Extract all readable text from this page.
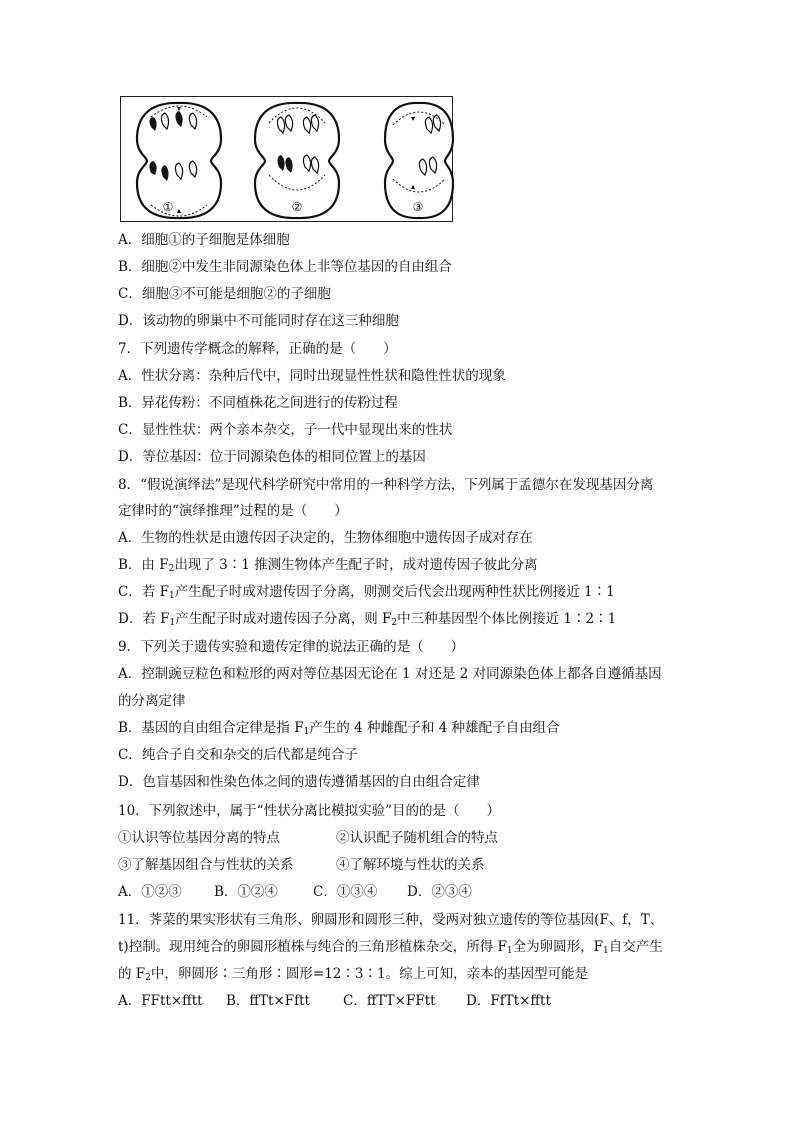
①	②	③
A．细胞①的子细胞是体细胞
B．细胞②中发生非同源染色体上非等位基因的自由组合
C．细胞③不可能是细胞②的子细胞
D．该动物的卵巢中不可能同时存在这三种细胞
7．下列遗传学概念的解释，正确的是（　　）
A．性状分离：杂种后代中，同时出现显性性状和隐性性状的现象
B．异花传粉：不同植株花之间进行的传粉过程
C．显性性状：两个亲本杂交，子一代中显现出来的性状
D．等位基因：位于同源染色体的相同位置上的基因
8．“假说演绎法”是现代科学研究中常用的一种科学方法，下列属于孟德尔在发现基因分离
定律时的“演绎推理”过程的是（　　）
A．生物的性状是由遗传因子决定的，生物体细胞中遗传因子成对存在
B．由 $F_2$出现了 3∶1 推测生物体产生配子时，成对遗传因子彼此分离
C．若 $F_1$产生配子时成对遗传因子分离，则测交后代会出现两种性状比例接近 1∶1
D．若 $F_1$产生配子时成对遗传因子分离，则 $F_2$中三种基因型个体比例接近 1∶2∶1
9．下列关于遗传实验和遗传定律的说法正确的是（　　）
A．控制豌豆粒色和粒形的两对等位基因无论在 1 对还是 2 对同源染色体上都各自遵循基因
的分离定律
B．基因的自由组合定律是指 $F_1$产生的 4 种雌配子和 4 种雄配子自由组合
C．纯合子自交和杂交的后代都是纯合子
D．色盲基因和性染色体之间的遗传遵循基因的自由组合定律
10．下列叙述中，属于“性状分离比模拟实验”目的的是（　　）
①认识等位基因分离的特点	②认识配子随机组合的特点
③了解基因组合与性状的关系	④了解环境与性状的关系
A．①②③ B．①②④	C．①③④ D．②③④
11．荠菜的果实形状有三角形、卵圆形和圆形三种，受两对独立遗传的等位基因(F、f，T、
t)控制。现用纯合的卵圆形植株与纯合的三角形植株杂交，所得 $F_1$全为卵圆形，$F_1$自交产生
的 $F_2$中，卵圆形∶三角形∶圆形=12∶3∶1。综上可知，亲本的基因型可能是
A．FFtt×fftt B．ffTt×Fftt C．ffTT×FFtt D．FfTt×fftt
